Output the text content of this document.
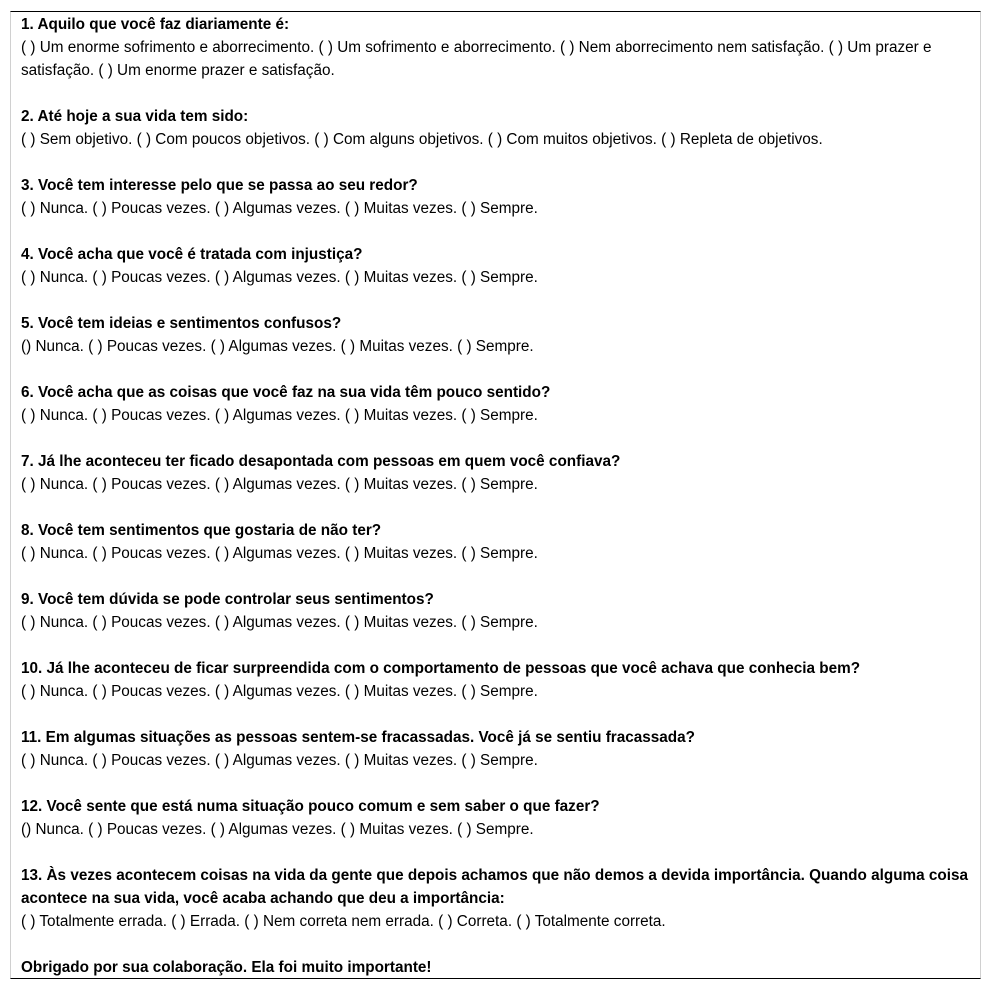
1. Aquilo que você faz diariamente é:
( ) Um enorme sofrimento e aborrecimento. ( ) Um sofrimento e aborrecimento. ( ) Nem aborrecimento nem satisfação. ( ) Um prazer e satisfação. ( ) Um enorme prazer e satisfação.
2. Até hoje a sua vida tem sido:
( ) Sem objetivo. ( ) Com poucos objetivos. ( ) Com alguns objetivos. ( ) Com muitos objetivos. ( ) Repleta de objetivos.
3. Você tem interesse pelo que se passa ao seu redor?
( ) Nunca. ( ) Poucas vezes. ( ) Algumas vezes. ( ) Muitas vezes. ( ) Sempre.
4. Você acha que você é tratada com injustiça?
( ) Nunca. ( ) Poucas vezes. ( ) Algumas vezes. ( ) Muitas vezes. ( ) Sempre.
5. Você tem ideias e sentimentos confusos?
() Nunca. ( ) Poucas vezes. ( ) Algumas vezes. ( ) Muitas vezes. ( ) Sempre.
6. Você acha que as coisas que você faz na sua vida têm pouco sentido?
( ) Nunca. ( ) Poucas vezes. ( ) Algumas vezes. ( ) Muitas vezes. ( ) Sempre.
7. Já lhe aconteceu ter ficado desapontada com pessoas em quem você confiava?
( ) Nunca. ( ) Poucas vezes. ( ) Algumas vezes. ( ) Muitas vezes. ( ) Sempre.
8. Você tem sentimentos que gostaria de não ter?
( ) Nunca. ( ) Poucas vezes. ( ) Algumas vezes. ( ) Muitas vezes. ( ) Sempre.
9. Você tem dúvida se pode controlar seus sentimentos?
( ) Nunca. ( ) Poucas vezes. ( ) Algumas vezes. ( ) Muitas vezes. ( ) Sempre.
10. Já lhe aconteceu de ficar surpreendida com o comportamento de pessoas que você achava que conhecia bem?
( ) Nunca. ( ) Poucas vezes. ( ) Algumas vezes. ( ) Muitas vezes. ( ) Sempre.
11. Em algumas situações as pessoas sentem-se fracassadas. Você já se sentiu fracassada?
( ) Nunca. ( ) Poucas vezes. ( ) Algumas vezes. ( ) Muitas vezes. ( ) Sempre.
12. Você sente que está numa situação pouco comum e sem saber o que fazer?
() Nunca. ( ) Poucas vezes. ( ) Algumas vezes. ( ) Muitas vezes. ( ) Sempre.
13. Às vezes acontecem coisas na vida da gente que depois achamos que não demos a devida importância. Quando alguma coisa acontece na sua vida, você acaba achando que deu a importância:
( ) Totalmente errada. ( ) Errada. ( ) Nem correta nem errada. ( ) Correta. ( ) Totalmente correta.
Obrigado por sua colaboração. Ela foi muito importante!
